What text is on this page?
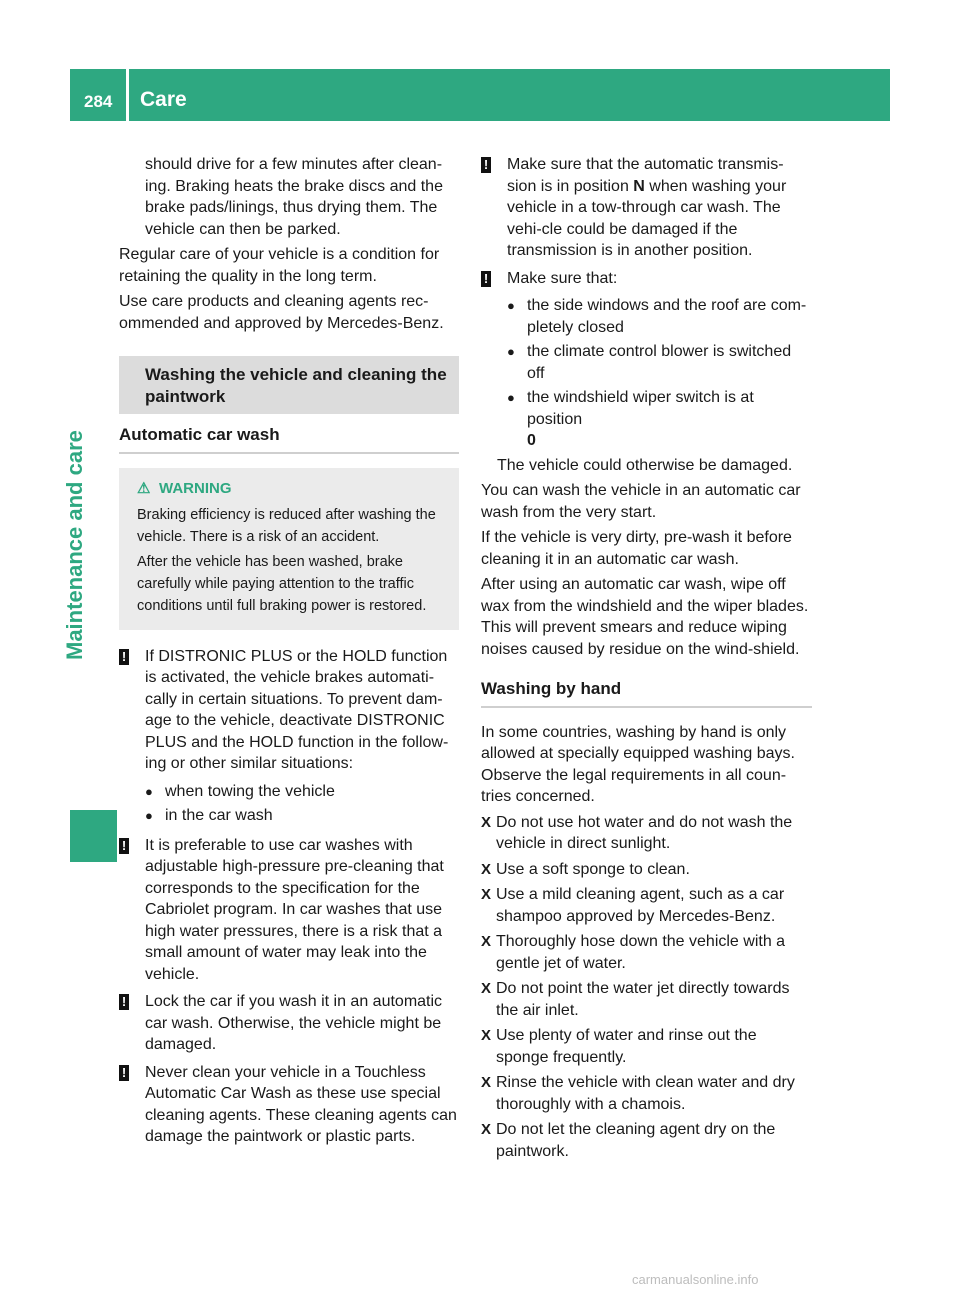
284 Care
Maintenance and care

should drive for a few minutes after clean-ing. Braking heats the brake discs and the brake pads/linings, thus drying them. The vehicle can then be parked.

Regular care of your vehicle is a condition for retaining the quality in the long term.

Use care products and cleaning agents rec-ommended and approved by Mercedes-Benz.

Washing the vehicle and cleaning the paintwork
Automatic car wash
⚠ WARNING

Braking efficiency is reduced after washing the vehicle. There is a risk of an accident.

After the vehicle has been washed, brake carefully while paying attention to the traffic conditions until full braking power is restored.

! If DISTRONIC PLUS or the HOLD function is activated, the vehicle brakes automati-cally in certain situations. To prevent dam-age to the vehicle, deactivate DISTRONIC PLUS and the HOLD function in the follow-ing or other similar situations:
● when towing the vehicle
● in the car wash
! It is preferable to use car washes with adjustable high-pressure pre-cleaning that corresponds to the specification for the Cabriolet program. In car washes that use high water pressures, there is a risk that a small amount of water may leak into the vehicle.
! Lock the car if you wash it in an automatic car wash. Otherwise, the vehicle might be damaged.
! Never clean your vehicle in a Touchless Automatic Car Wash as these use special cleaning agents. These cleaning agents can damage the paintwork or plastic parts.
! Make sure that the automatic transmis-sion is in position N when washing your vehicle in a tow-through car wash. The vehi-cle could be damaged if the transmission is in another position.
! Make sure that:
● the side windows and the roof are com-pletely closed
● the climate control blower is switched off
● the windshield wiper switch is at position
0

The vehicle could otherwise be damaged.

You can wash the vehicle in an automatic car wash from the very start.

If the vehicle is very dirty, pre-wash it before cleaning it in an automatic car wash.

After using an automatic car wash, wipe off wax from the windshield and the wiper blades. This will prevent smears and reduce wiping noises caused by residue on the wind-shield.

Washing by hand

In some countries, washing by hand is only allowed at specially equipped washing bays. Observe the legal requirements in all coun-tries concerned.

X Do not use hot water and do not wash the vehicle in direct sunlight.
X Use a soft sponge to clean.
X Use a mild cleaning agent, such as a car shampoo approved by Mercedes-Benz.
X Thoroughly hose down the vehicle with a gentle jet of water.
X Do not point the water jet directly towards the air inlet.
X Use plenty of water and rinse out the sponge frequently.
X Rinse the vehicle with clean water and dry thoroughly with a chamois.
X Do not let the cleaning agent dry on the paintwork.
carmanualsonline.info
